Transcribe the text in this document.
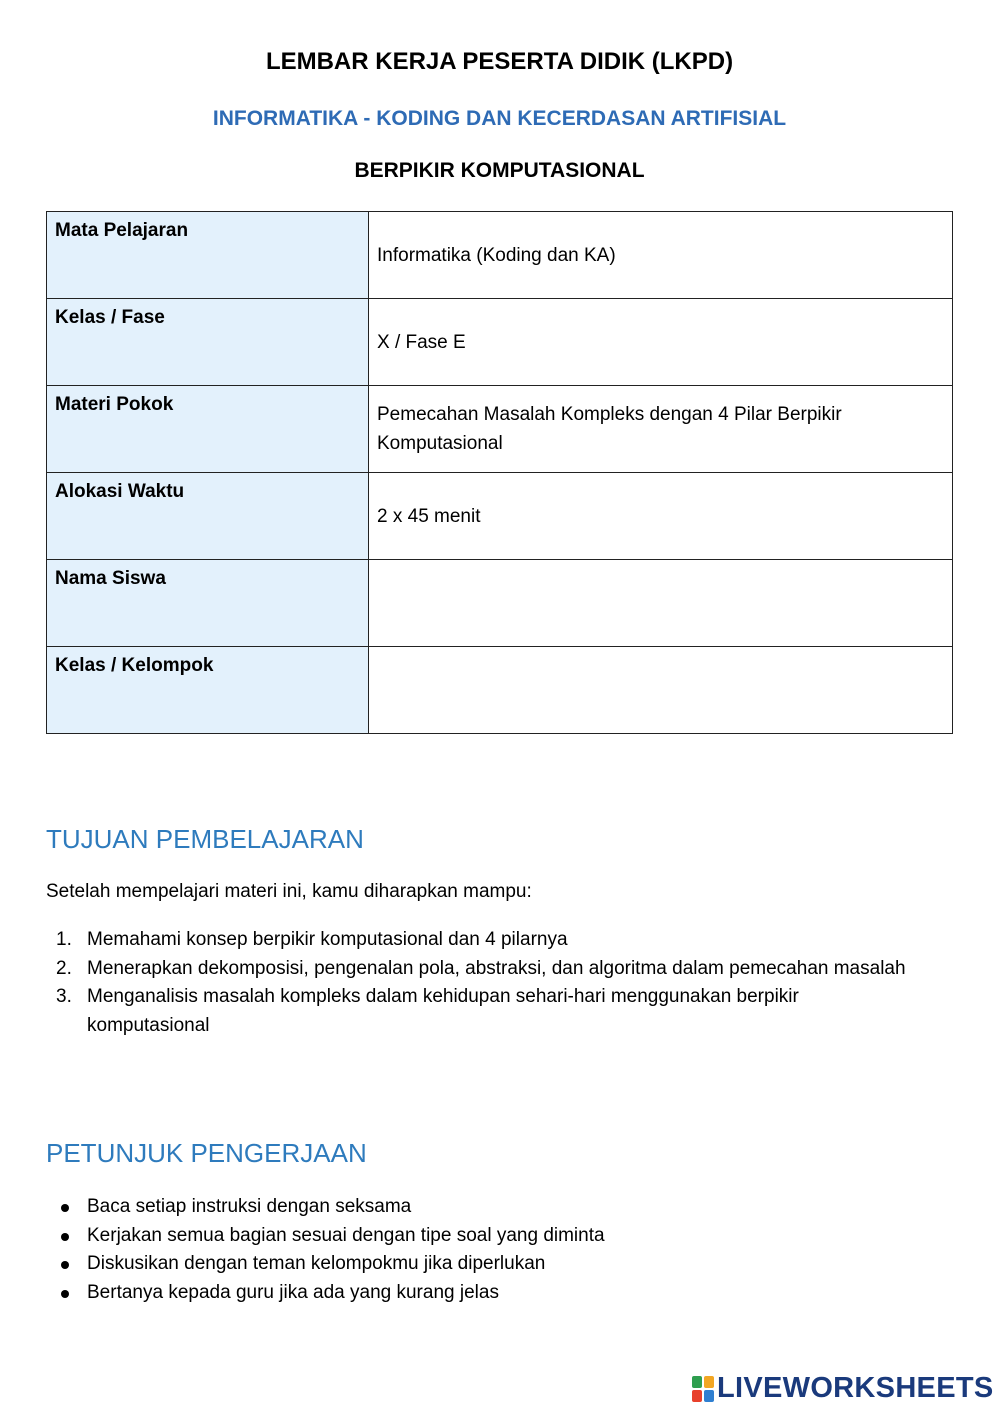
LEMBAR KERJA PESERTA DIDIK (LKPD)
INFORMATIKA - KODING DAN KECERDASAN ARTIFISIAL
BERPIKIR KOMPUTASIONAL
Mata Pelajaran	Informatika (Koding dan KA)
Kelas / Fase	X / Fase E
Materi Pokok	Pemecahan Masalah Kompleks dengan 4 Pilar Berpikir Komputasional
Alokasi Waktu	2 x 45 menit
Nama Siswa	
Kelas / Kelompok	
TUJUAN PEMBELAJARAN
Setelah mempelajari materi ini, kamu diharapkan mampu:
1. Memahami konsep berpikir komputasional dan 4 pilarnya
2. Menerapkan dekomposisi, pengenalan pola, abstraksi, dan algoritma dalam pemecahan masalah
3. Menganalisis masalah kompleks dalam kehidupan sehari-hari menggunakan berpikir komputasional
PETUNJUK PENGERJAAN
Baca setiap instruksi dengan seksama
Kerjakan semua bagian sesuai dengan tipe soal yang diminta
Diskusikan dengan teman kelompokmu jika diperlukan
Bertanya kepada guru jika ada yang kurang jelas
LIVEWORKSHEETS
